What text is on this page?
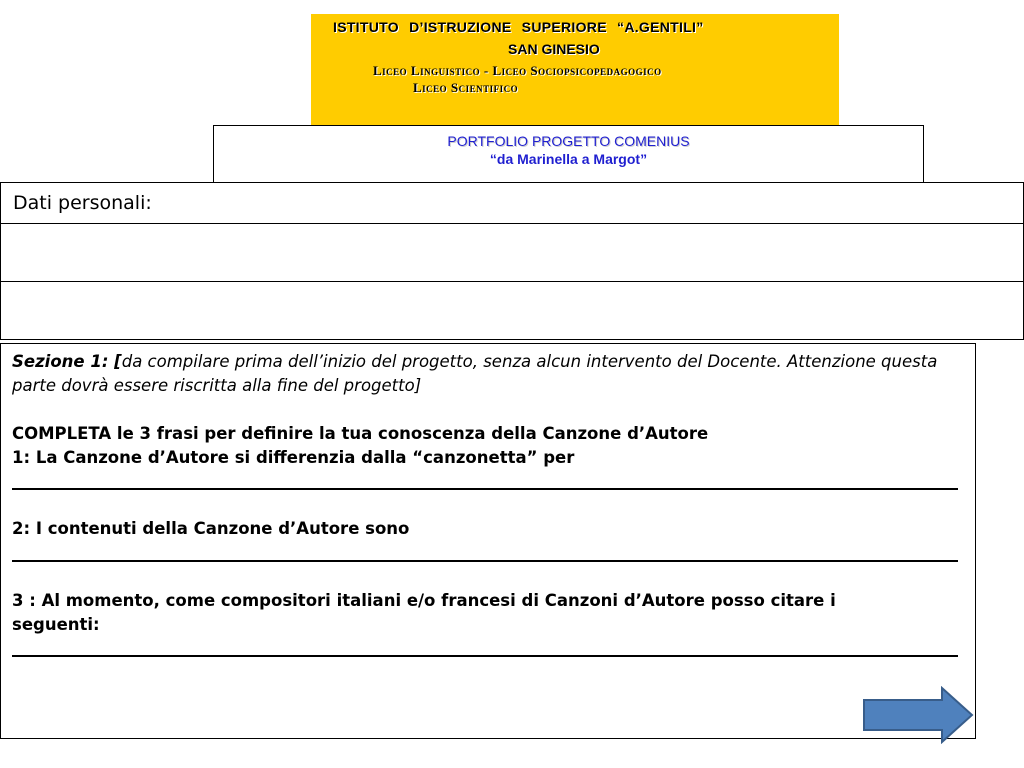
ISTITUTO D’ISTRUZIONE SUPERIORE “A.GENTILI”
SAN GINESIO
Liceo Linguistico - Liceo Sociopsicopedagogico
Liceo Scientifico
PORTFOLIO PROGETTO COMENIUS
“da Marinella a Margot”
Dati personali:
Sezione 1: [da compilare prima dell’inizio del progetto, senza alcun intervento del Docente. Attenzione questa parte dovrà essere riscritta alla fine del progetto]
COMPLETA le 3 frasi per definire la tua conoscenza della Canzone d’Autore
1: La Canzone d’Autore si differenzia dalla “canzonetta” per
2: I contenuti della Canzone d’Autore sono
3 : Al momento, come compositori italiani e/o francesi di Canzoni d’Autore posso citare i
seguenti:
